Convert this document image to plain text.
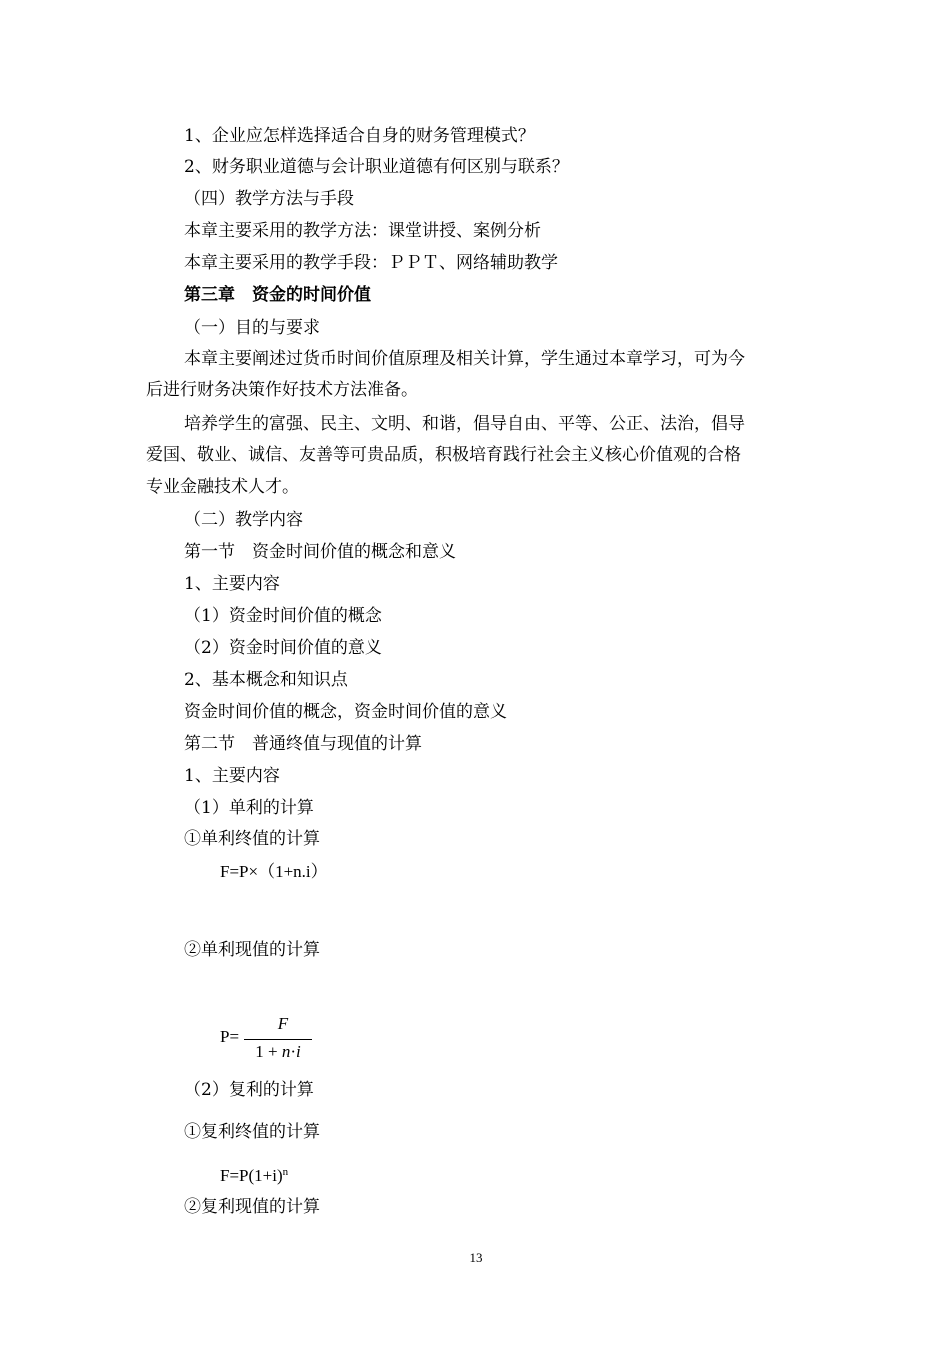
1、企业应怎样选择适合自身的财务管理模式？
2、财务职业道德与会计职业道德有何区别与联系？
（四）教学方法与手段
本章主要采用的教学方法：课堂讲授、案例分析
本章主要采用的教学手段：ＰＰＴ、网络辅助教学
第三章　资金的时间价值
（一）目的与要求
本章主要阐述过货币时间价值原理及相关计算，学生通过本章学习，可为今
后进行财务决策作好技术方法准备。
培养学生的富强、民主、文明、和谐，倡导自由、平等、公正、法治，倡导
爱国、敬业、诚信、友善等可贵品质，积极培育践行社会主义核心价值观的合格
专业金融技术人才。
（二）教学内容
第一节　资金时间价值的概念和意义
1、主要内容
（1）资金时间价值的概念
（2）资金时间价值的意义
2、基本概念和知识点
资金时间价值的概念，资金时间价值的意义
第二节　普通终值与现值的计算
1、主要内容
（1）单利的计算
①单利终值的计算
F=P×（1+n.i）
②单利现值的计算
P=
F
1 + n·i
（2）复利的计算
①复利终值的计算
$F=P(1+i)^n$
②复利现值的计算
13
